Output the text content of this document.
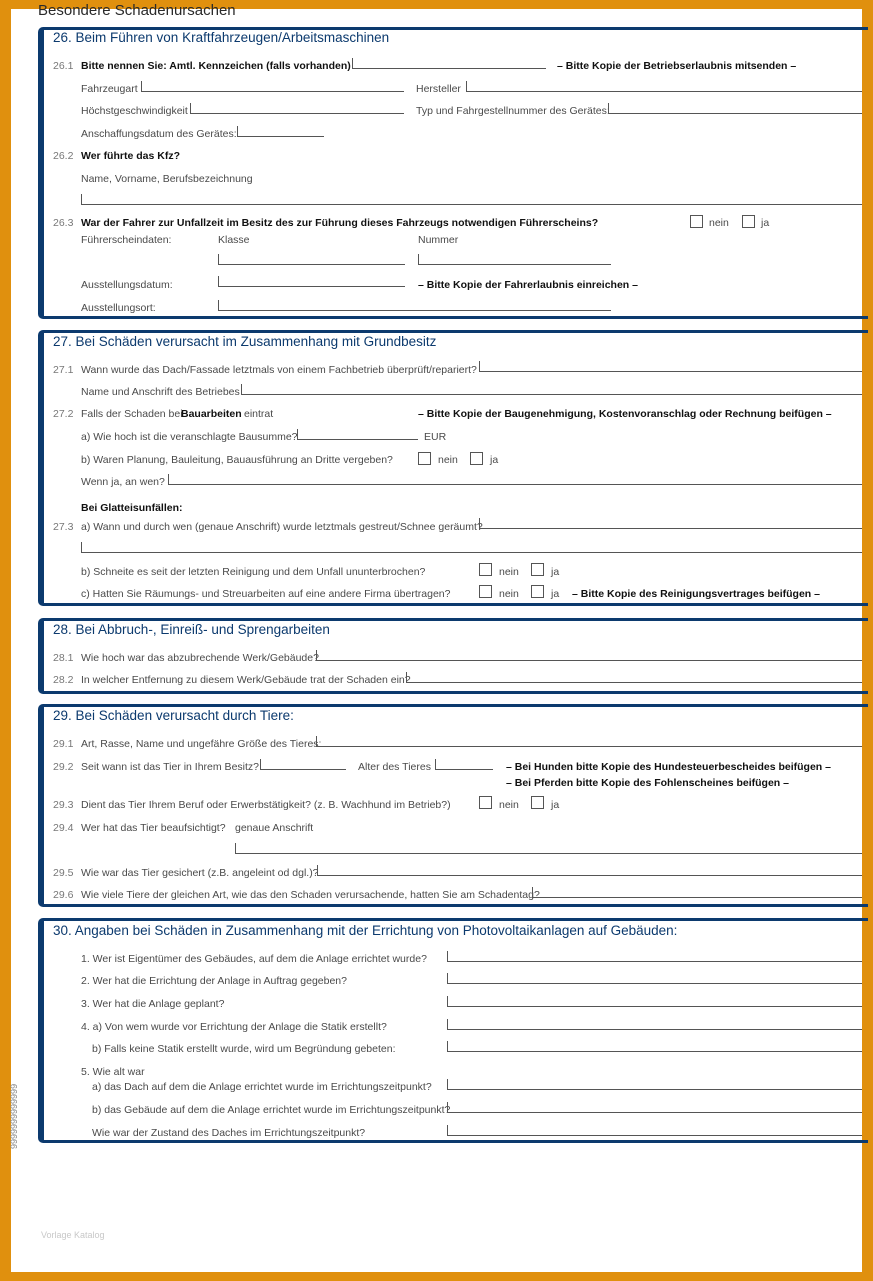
Besondere Schadenursachen
26. Beim Führen von Kraftfahrzeugen/Arbeitsmaschinen
26.1 Bitte nennen Sie: Amtl. Kennzeichen (falls vorhanden)	– Bitte Kopie der Betriebserlaubnis mitsenden –
Fahrzeugart	Hersteller
Höchstgeschwindigkeit	Typ und Fahrgestellnummer des Gerätes:
Anschaffungsdatum des Gerätes:
26.2 Wer führte das Kfz?
Name, Vorname, Berufsbezeichnung
26.3 War der Fahrer zur Unfallzeit im Besitz des zur Führung dieses Fahrzeugs notwendigen Führerscheins?	nein	ja
Führerscheindaten:	Klasse	Nummer
Ausstellungsdatum:	– Bitte Kopie der Fahrerlaubnis einreichen –
Ausstellungsort:
27. Bei Schäden verursacht im Zusammenhang mit Grundbesitz
27.1 Wann wurde das Dach/Fassade letztmals von einem Fachbetrieb überprüft/repariert?
Name und Anschrift des Betriebes
27.2 Falls der Schaden bei
Bauarbeiten eintrat	– Bitte Kopie der Baugenehmigung, Kostenvoranschlag oder Rechnung beifügen –
a) Wie hoch ist die veranschlagte Bausumme?	EUR
b) Waren Planung, Bauleitung, Bauausführung an Dritte vergeben?	nein	ja
Wenn ja, an wen?
Bei Glatteisunfällen:
27.3 a) Wann und durch wen (genaue Anschrift) wurde letztmals gestreut/Schnee geräumt?
b) Schneite es seit der letzten Reinigung und dem Unfall ununterbrochen?	nein	ja
c) Hatten Sie Räumungs- und Streuarbeiten auf eine andere Firma übertragen?	nein	ja – Bitte Kopie des Reinigungsvertrages beifügen –
28. Bei Abbruch-, Einreiß- und Sprengarbeiten
28.1 Wie hoch war das abzubrechende Werk/Gebäude?
28.2 In welcher Entfernung zu diesem Werk/Gebäude trat der Schaden ein?
29. Bei Schäden verursacht durch Tiere:
29.1 Art, Rasse, Name und ungefähre Größe des Tieres:
29.2 Seit wann ist das Tier in Ihrem Besitz?	Alter des Tieres	– Bei Hunden bitte Kopie des Hundesteuerbescheides beifügen –
– Bei Pferden bitte Kopie des Fohlenscheines beifügen –
29.3 Dient das Tier Ihrem Beruf oder Erwerbstätigkeit? (z. B. Wachhund im Betrieb?)	nein	ja
29.4 Wer hat das Tier beaufsichtigt? genaue Anschrift
29.5 Wie war das Tier gesichert (z.B. angeleint od dgl.)?
29.6 Wie viele Tiere der gleichen Art, wie das den Schaden verursachende, hatten Sie am Schadentag?
30. Angaben bei Schäden in Zusammenhang mit der Errichtung von Photovoltaikanlagen auf Gebäuden:
1. Wer ist Eigentümer des Gebäudes, auf dem die Anlage errichtet wurde?
2. Wer hat die Errichtung der Anlage in Auftrag gegeben?
3. Wer hat die Anlage geplant?
4. a) Von wem wurde vor Errichtung der Anlage die Statik erstellt?
b) Falls keine Statik erstellt wurde, wird um Begründung gebeten:
5. Wie alt war
a) das Dach auf dem die Anlage errichtet wurde im Errichtungszeitpunkt?
b) das Gebäude auf dem die Anlage errichtet wurde im Errichtungszeitpunkt?
Wie war der Zustand des Daches im Errichtungszeitpunkt?
9999999999999
Vorlage Katalog
